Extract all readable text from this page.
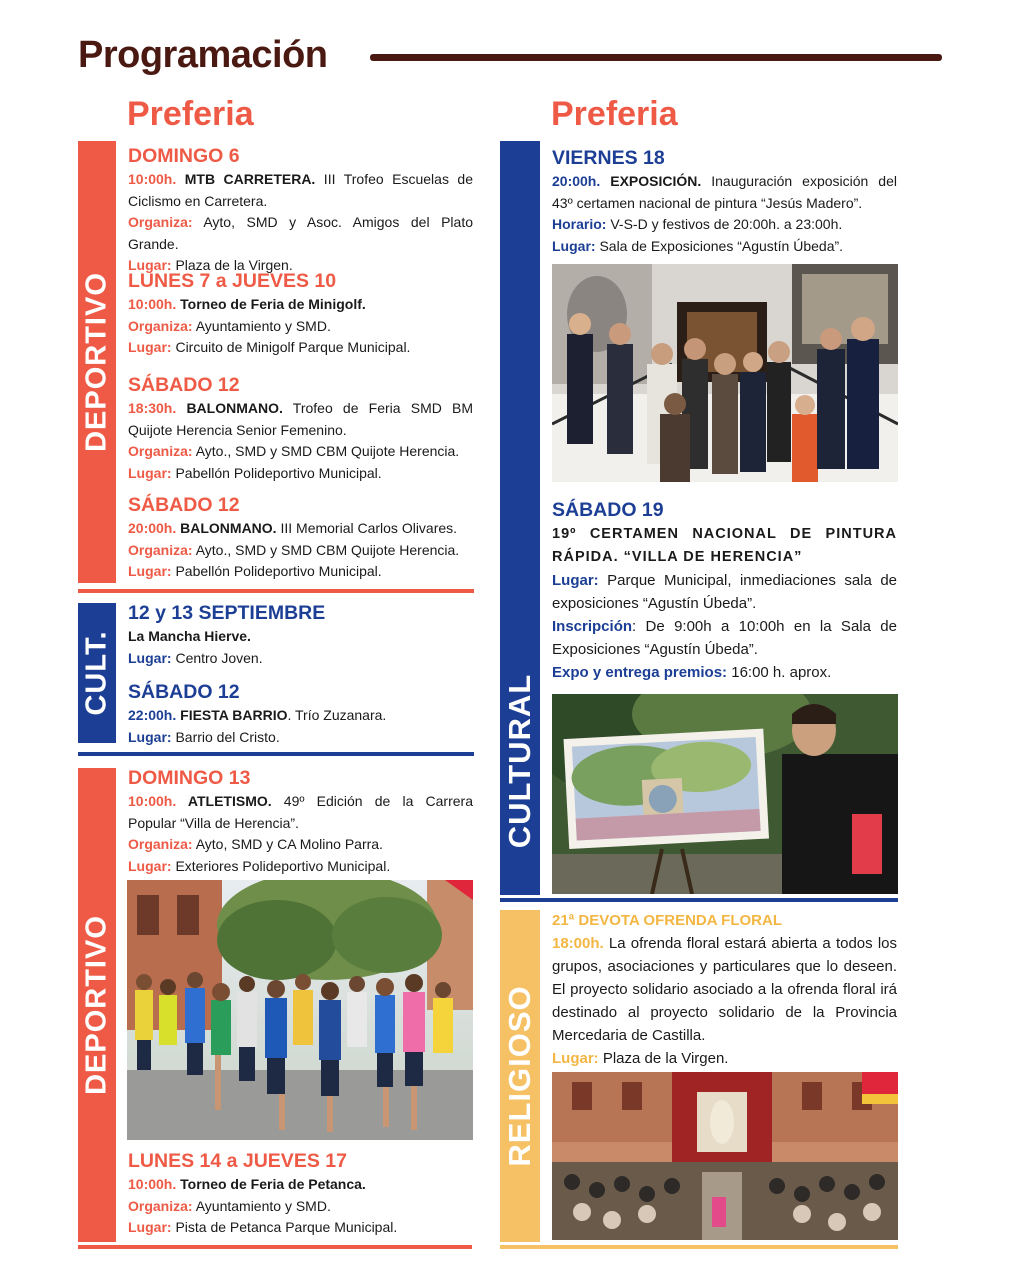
Programación
Preferia	Preferia
DEPORTIVO
CULT.
DEPORTIVO
DOMINGO 6

10:00h. MTB CARRETERA. III Trofeo Escuelas de Ciclismo en Carretera.

Organiza: Ayto, SMD y Asoc. Amigos del Plato Grande.

Lugar: Plaza de la Virgen.

LUNES 7 a JUEVES 10

10:00h. Torneo de Feria de Minigolf.

Organiza: Ayuntamiento y SMD.

Lugar: Circuito de Minigolf Parque Municipal.

SÁBADO 12

18:30h. BALONMANO. Trofeo de Feria SMD BM Quijote Herencia Senior Femenino.

Organiza: Ayto., SMD y SMD CBM Quijote Herencia.

Lugar: Pabellón Polideportivo Municipal.

SÁBADO 12

20:00h. BALONMANO. III Memorial Carlos Olivares.

Organiza: Ayto., SMD y SMD CBM Quijote Herencia.

Lugar: Pabellón Polideportivo Municipal.

12 y 13 SEPTIEMBRE

La Mancha Hierve.

Lugar: Centro Joven.

SÁBADO 12

22:00h. FIESTA BARRIO. Trío Zuzanara.

Lugar: Barrio del Cristo.

DOMINGO 13

10:00h. ATLETISMO. 49º Edición de la Carrera Popular “Villa de Herencia”.

Organiza: Ayto, SMD y CA Molino Parra.

Lugar: Exteriores Polideportivo Municipal.

LUNES 14 a JUEVES 17

10:00h. Torneo de Feria de Petanca.

Organiza: Ayuntamiento y SMD.

Lugar: Pista de Petanca Parque Municipal.

CULTURAL
RELIGIOSO
VIERNES 18

20:00h. EXPOSICIÓN. Inauguración exposición del 43º certamen nacional de pintura “Jesús Madero”.

Horario: V-S-D y festivos de 20:00h. a 23:00h.

Lugar: Sala de Exposiciones “Agustín Úbeda”.

SÁBADO 19

19º CERTAMEN NACIONAL DE PINTURA RÁPIDA. “VILLA DE HERENCIA”

Lugar: Parque Municipal, inmediaciones sala de exposiciones “Agustín Úbeda”.

Inscripción: De 9:00h a 10:00h en la Sala de Exposiciones “Agustín Úbeda”.

Expo y entrega premios: 16:00 h. aprox.

21ª DEVOTA OFRENDA FLORAL

18:00h. La ofrenda floral estará abierta a todos los grupos, asociaciones y particulares que lo deseen. El proyecto solidario asociado a la ofrenda floral irá destinado al proyecto solidario de la Provincia Mercedaria de Castilla.

Lugar: Plaza de la Virgen.
